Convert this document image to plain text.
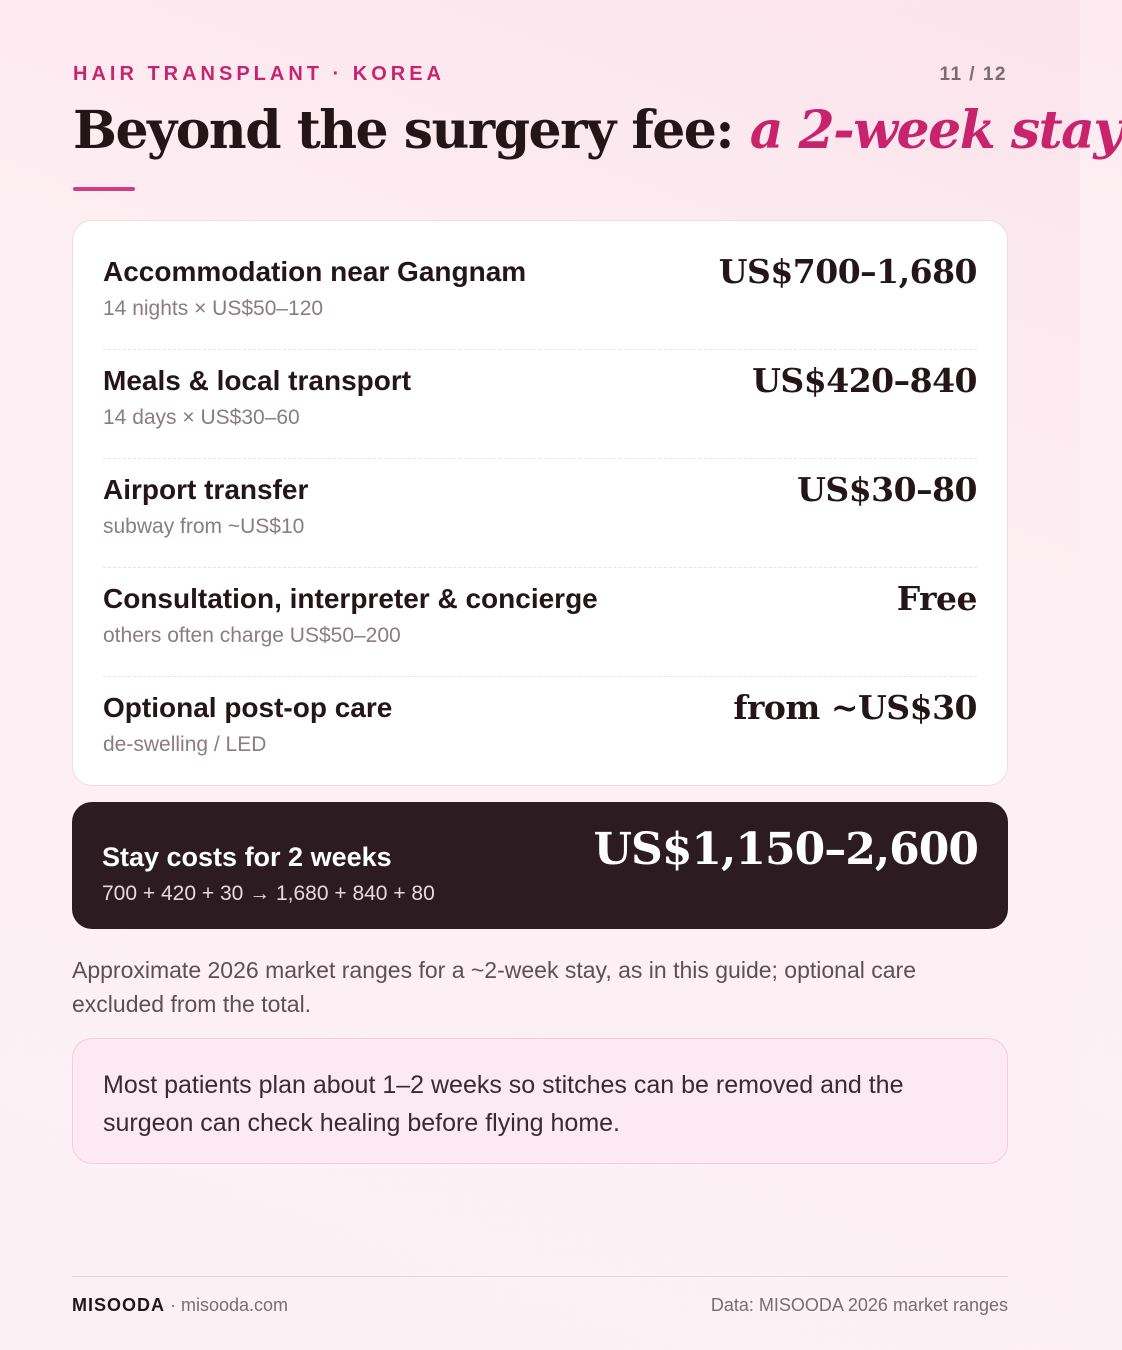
HAIR TRANSPLANT · KOREA	11 / 12
Beyond the surgery fee: a 2-week stay
Accommodation near Gangnam
14 nights × US$50–120
US$700–1,680
Meals & local transport
14 days × US$30–60
US$420–840
Airport transfer
subway from ~US$10
US$30–80
Consultation, interpreter & concierge
others often charge US$50–200
Free
Optional post-op care
de-swelling / LED
from ~US$30
Stay costs for 2 weeks
700 + 420 + 30 → 1,680 + 840 + 80
US$1,150–2,600

Approximate 2026 market ranges for a ~2-week stay, as in this guide; optional care excluded from the total.

Most patients plan about 1–2 weeks so stitches can be removed and the surgeon can check healing before flying home.
MISOODA · misooda.com	Data: MISOODA 2026 market ranges
